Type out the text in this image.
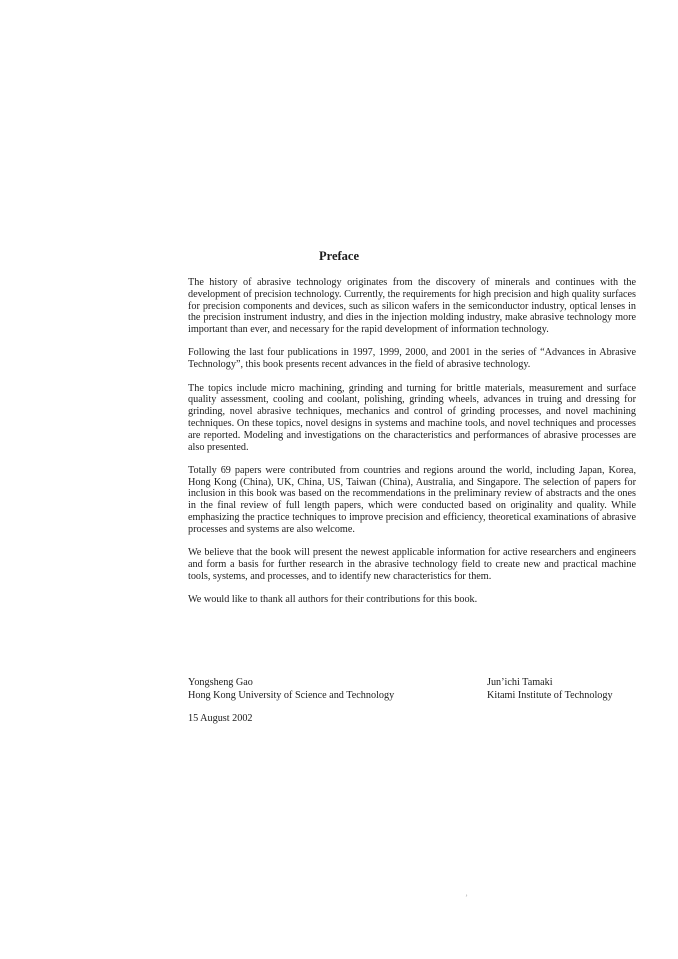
Preface

The history of abrasive technology originates from the discovery of minerals and continues with the development of precision technology. Currently, the requirements for high precision and high quality surfaces for precision components and devices, such as silicon wafers in the semiconductor industry, optical lenses in the precision instrument industry, and dies in the injection molding industry, make abrasive technology more important than ever, and necessary for the rapid development of information technology.

Following the last four publications in 1997, 1999, 2000, and 2001 in the series of “Advances in Abrasive Technology”, this book presents recent advances in the field of abrasive technology.

The topics include micro machining, grinding and turning for brittle materials, measurement and surface quality assessment, cooling and coolant, polishing, grinding wheels, advances in truing and dressing for grinding, novel abrasive techniques, mechanics and control of grinding processes, and novel machining techniques. On these topics, novel designs in systems and machine tools, and novel techniques and processes are reported. Modeling and investigations on the characteristics and performances of abrasive processes are also presented.

Totally 69 papers were contributed from countries and regions around the world, including Japan, Korea, Hong Kong (China), UK, China, US, Taiwan (China), Australia, and Singapore. The selection of papers for inclusion in this book was based on the recommendations in the preliminary review of abstracts and the ones in the final review of full length papers, which were conducted based on originality and quality. While emphasizing the practice techniques to improve precision and efficiency, theoretical examinations of abrasive processes and systems are also welcome.

We believe that the book will present the newest applicable information for active researchers and engineers and form a basis for further research in the abrasive technology field to create new and practical machine tools, systems, and processes, and to identify new characteristics for them.

We would like to thank all authors for their contributions for this book.

Yongsheng Gao
Hong Kong University of Science and Technology
Jun’ichi Tamaki
Kitami Institute of Technology
15 August 2002
ʼ
